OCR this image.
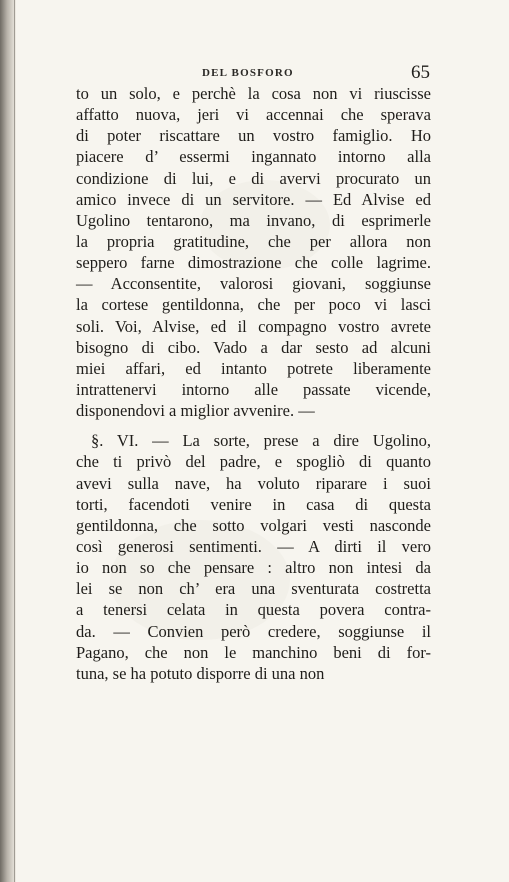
DEL BOSFORO	65
to un solo, e perchè la cosa non vi riuscisse
affatto nuova, jeri vi accennai che sperava
di poter riscattare un vostro famiglio. Ho
piacere d’ essermi ingannato intorno alla
condizione di lui, e di avervi procurato un
amico invece di un servitore. — Ed Alvise ed
Ugolino tentarono, ma invano, di esprimerle
la propria gratitudine, che per allora non
seppero farne dimostrazione che colle lagrime.
— Acconsentite, valorosi giovani, soggiunse
la cortese gentildonna, che per poco vi lasci
soli. Voi, Alvise, ed il compagno vostro avrete
bisogno di cibo. Vado a dar sesto ad alcuni
miei affari, ed intanto potrete liberamente
intrattenervi intorno alle passate vicende,
disponendovi a miglior avvenire. —
§. VI. — La sorte, prese a dire Ugolino,
che ti privò del padre, e spogliò di quanto
avevi sulla nave, ha voluto riparare i suoi
torti, facendoti venire in casa di questa
gentildonna, che sotto volgari vesti nasconde
così generosi sentimenti. — A dirti il vero
io non so che pensare : altro non intesi da
lei se non ch’ era una sventurata costretta
a tenersi celata in questa povera contra-
da. — Convien però credere, soggiunse il
Pagano, che non le manchino beni di for-
tuna, se ha potuto disporre di una non
